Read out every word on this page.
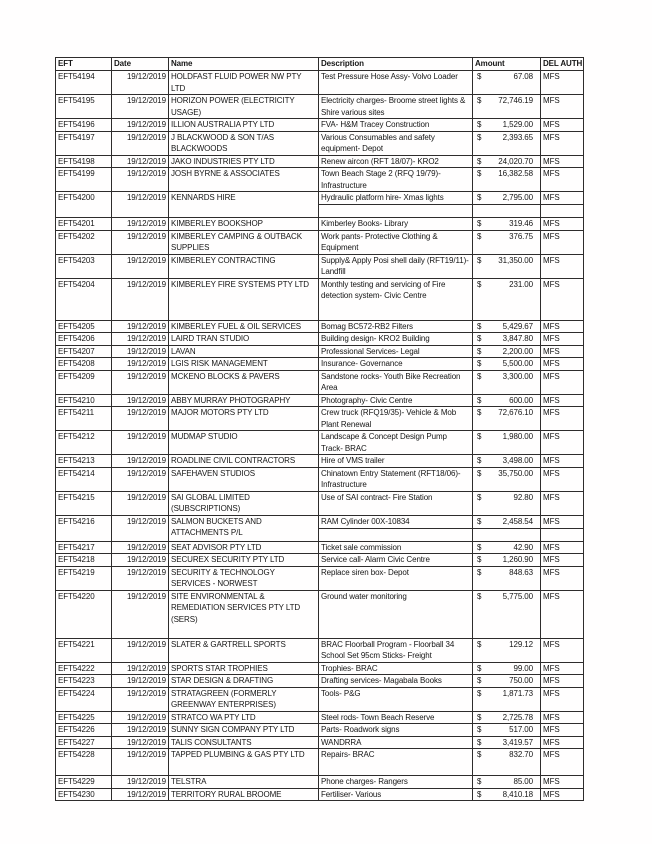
EFT	Date	Name	Description	Amount	DEL AUTH
EFT54194	19/12/2019	HOLDFAST FLUID POWER NW PTY LTD	Test Pressure Hose Assy- Volvo Loader	$ 67.08	MFS
EFT54195	19/12/2019	HORIZON POWER (ELECTRICITY USAGE)	Electricity charges- Broome street lights & Shire various sites	$ 72,746.19	MFS
EFT54196	19/12/2019	ILLION AUSTRALIA PTY LTD	FVA- H&M Tracey Construction	$ 1,529.00	MFS
EFT54197	19/12/2019	J BLACKWOOD & SON T/AS BLACKWOODS	Various Consumables and safety equipment- Depot	$ 2,393.65	MFS
EFT54198	19/12/2019	JAKO INDUSTRIES PTY LTD	Renew aircon (RFT 18/07)- KRO2	$ 24,020.70	MFS
EFT54199	19/12/2019	JOSH BYRNE & ASSOCIATES	Town Beach Stage 2 (RFQ 19/79)- Infrastructure	$ 16,382.58	MFS
EFT54200	19/12/2019	KENNARDS HIRE	Hydraulic platform hire- Xmas lights	$ 2,795.00	MFS

EFT54201	19/12/2019	KIMBERLEY BOOKSHOP	Kimberley Books- Library	$ 319.46	MFS
EFT54202	19/12/2019	KIMBERLEY CAMPING & OUTBACK SUPPLIES	Work pants- Protective Clothing & Equipment	$ 376.75	MFS
EFT54203	19/12/2019	KIMBERLEY CONTRACTING	Supply& Apply Posi shell daily (RFT19/11)- Landfill	$ 31,350.00	MFS
EFT54204	19/12/2019	KIMBERLEY FIRE SYSTEMS PTY LTD	Monthly testing and servicing of Fire detection system- Civic Centre	$ 231.00	MFS
EFT54205	19/12/2019	KIMBERLEY FUEL & OIL SERVICES	Bomag BC572-RB2 Filters	$ 5,429.67	MFS
EFT54206	19/12/2019	LAIRD TRAN STUDIO	Building design- KRO2 Building	$ 3,847.80	MFS
EFT54207	19/12/2019	LAVAN	Professional Services- Legal	$ 2,200.00	MFS
EFT54208	19/12/2019	LGIS RISK MANAGEMENT	Insurance- Governance	$ 5,500.00	MFS
EFT54209	19/12/2019	MCKENO BLOCKS & PAVERS	Sandstone rocks- Youth Bike Recreation Area	$ 3,300.00	MFS
EFT54210	19/12/2019	ABBY MURRAY PHOTOGRAPHY	Photography- Civic Centre	$ 600.00	MFS
EFT54211	19/12/2019	MAJOR MOTORS PTY LTD	Crew truck (RFQ19/35)- Vehicle & Mob Plant Renewal	$ 72,676.10	MFS
EFT54212	19/12/2019	MUDMAP STUDIO	Landscape & Concept Design Pump Track- BRAC	$ 1,980.00	MFS
EFT54213	19/12/2019	ROADLINE CIVIL CONTRACTORS	Hire of VMS trailer	$ 3,498.00	MFS
EFT54214	19/12/2019	SAFEHAVEN STUDIOS	Chinatown Entry Statement (RFT18/06)- Infrastructure	$ 35,750.00	MFS
EFT54215	19/12/2019	SAI GLOBAL LIMITED (SUBSCRIPTIONS)	Use of SAI contract- Fire Station	$ 92.80	MFS
EFT54216	19/12/2019	SALMON BUCKETS AND ATTACHMENTS P/L	RAM Cylinder 00X-10834	$ 2,458.54	MFS

EFT54217	19/12/2019	SEAT ADVISOR PTY LTD	Ticket sale commission	$ 42.90	MFS
EFT54218	19/12/2019	SECUREX SECURITY PTY LTD	Service call- Alarm Civic Centre	$ 1,260.90	MFS
EFT54219	19/12/2019	SECURITY & TECHNOLOGY SERVICES - NORWEST	Replace siren box- Depot	$ 848.63	MFS
EFT54220	19/12/2019	SITE ENVIRONMENTAL & REMEDIATION SERVICES PTY LTD (SERS)	Ground water monitoring	$ 5,775.00	MFS
EFT54221	19/12/2019	SLATER & GARTRELL SPORTS	BRAC Floorball Program - Floorball 34 School Set 95cm Sticks- Freight	$ 129.12	MFS
EFT54222	19/12/2019	SPORTS STAR TROPHIES	Trophies- BRAC	$ 99.00	MFS
EFT54223	19/12/2019	STAR DESIGN & DRAFTING	Drafting services- Magabala Books	$ 750.00	MFS
EFT54224	19/12/2019	STRATAGREEN (FORMERLY GREENWAY ENTERPRISES)	Tools- P&G	$ 1,871.73	MFS
EFT54225	19/12/2019	STRATCO WA PTY LTD	Steel rods- Town Beach Reserve	$ 2,725.78	MFS
EFT54226	19/12/2019	SUNNY SIGN COMPANY PTY LTD	Parts- Roadwork signs	$ 517.00	MFS
EFT54227	19/12/2019	TALIS CONSULTANTS	WANDRRA	$ 3,419.57	MFS
EFT54228	19/12/2019	TAPPED PLUMBING & GAS PTY LTD	Repairs- BRAC	$ 832.70	MFS
EFT54229	19/12/2019	TELSTRA	Phone charges- Rangers	$ 85.00	MFS
EFT54230	19/12/2019	TERRITORY RURAL BROOME	Fertiliser- Various	$ 8,410.18	MFS
